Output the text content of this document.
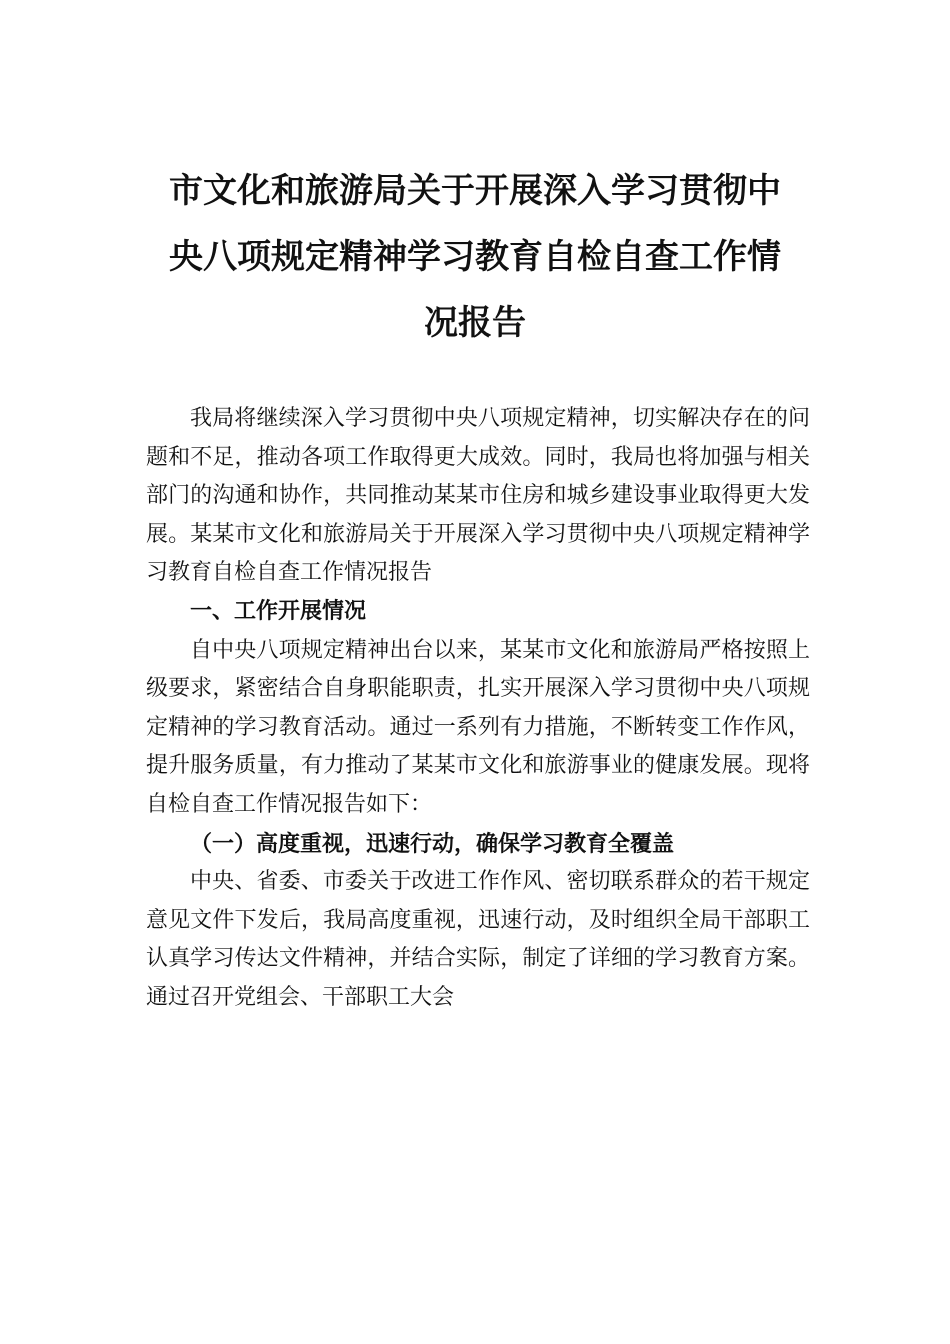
市文化和旅游局关于开展深入学习贯彻中
央八项规定精神学习教育自检自查工作情
况报告

我局将继续深入学习贯彻中央八项规定精神，切实解决存在的问题和不足，推动各项工作取得更大成效。同时，我局也将加强与相关部门的沟通和协作，共同推动某某市住房和城乡建设事业取得更大发展。某某市文化和旅游局关于开展深入学习贯彻中央八项规定精神学习教育自检自查工作情况报告

一、工作开展情况

自中央八项规定精神出台以来，某某市文化和旅游局严格按照上级要求，紧密结合自身职能职责，扎实开展深入学习贯彻中央八项规定精神的学习教育活动。通过一系列有力措施，不断转变工作作风，提升服务质量，有力推动了某某市文化和旅游事业的健康发展。现将自检自查工作情况报告如下：

（一）高度重视，迅速行动，确保学习教育全覆盖

中央、省委、市委关于改进工作作风、密切联系群众的若干规定意见文件下发后，我局高度重视，迅速行动，及时组织全局干部职工认真学习传达文件精神，并结合实际，制定了详细的学习教育方案。通过召开党组会、干部职工大会
